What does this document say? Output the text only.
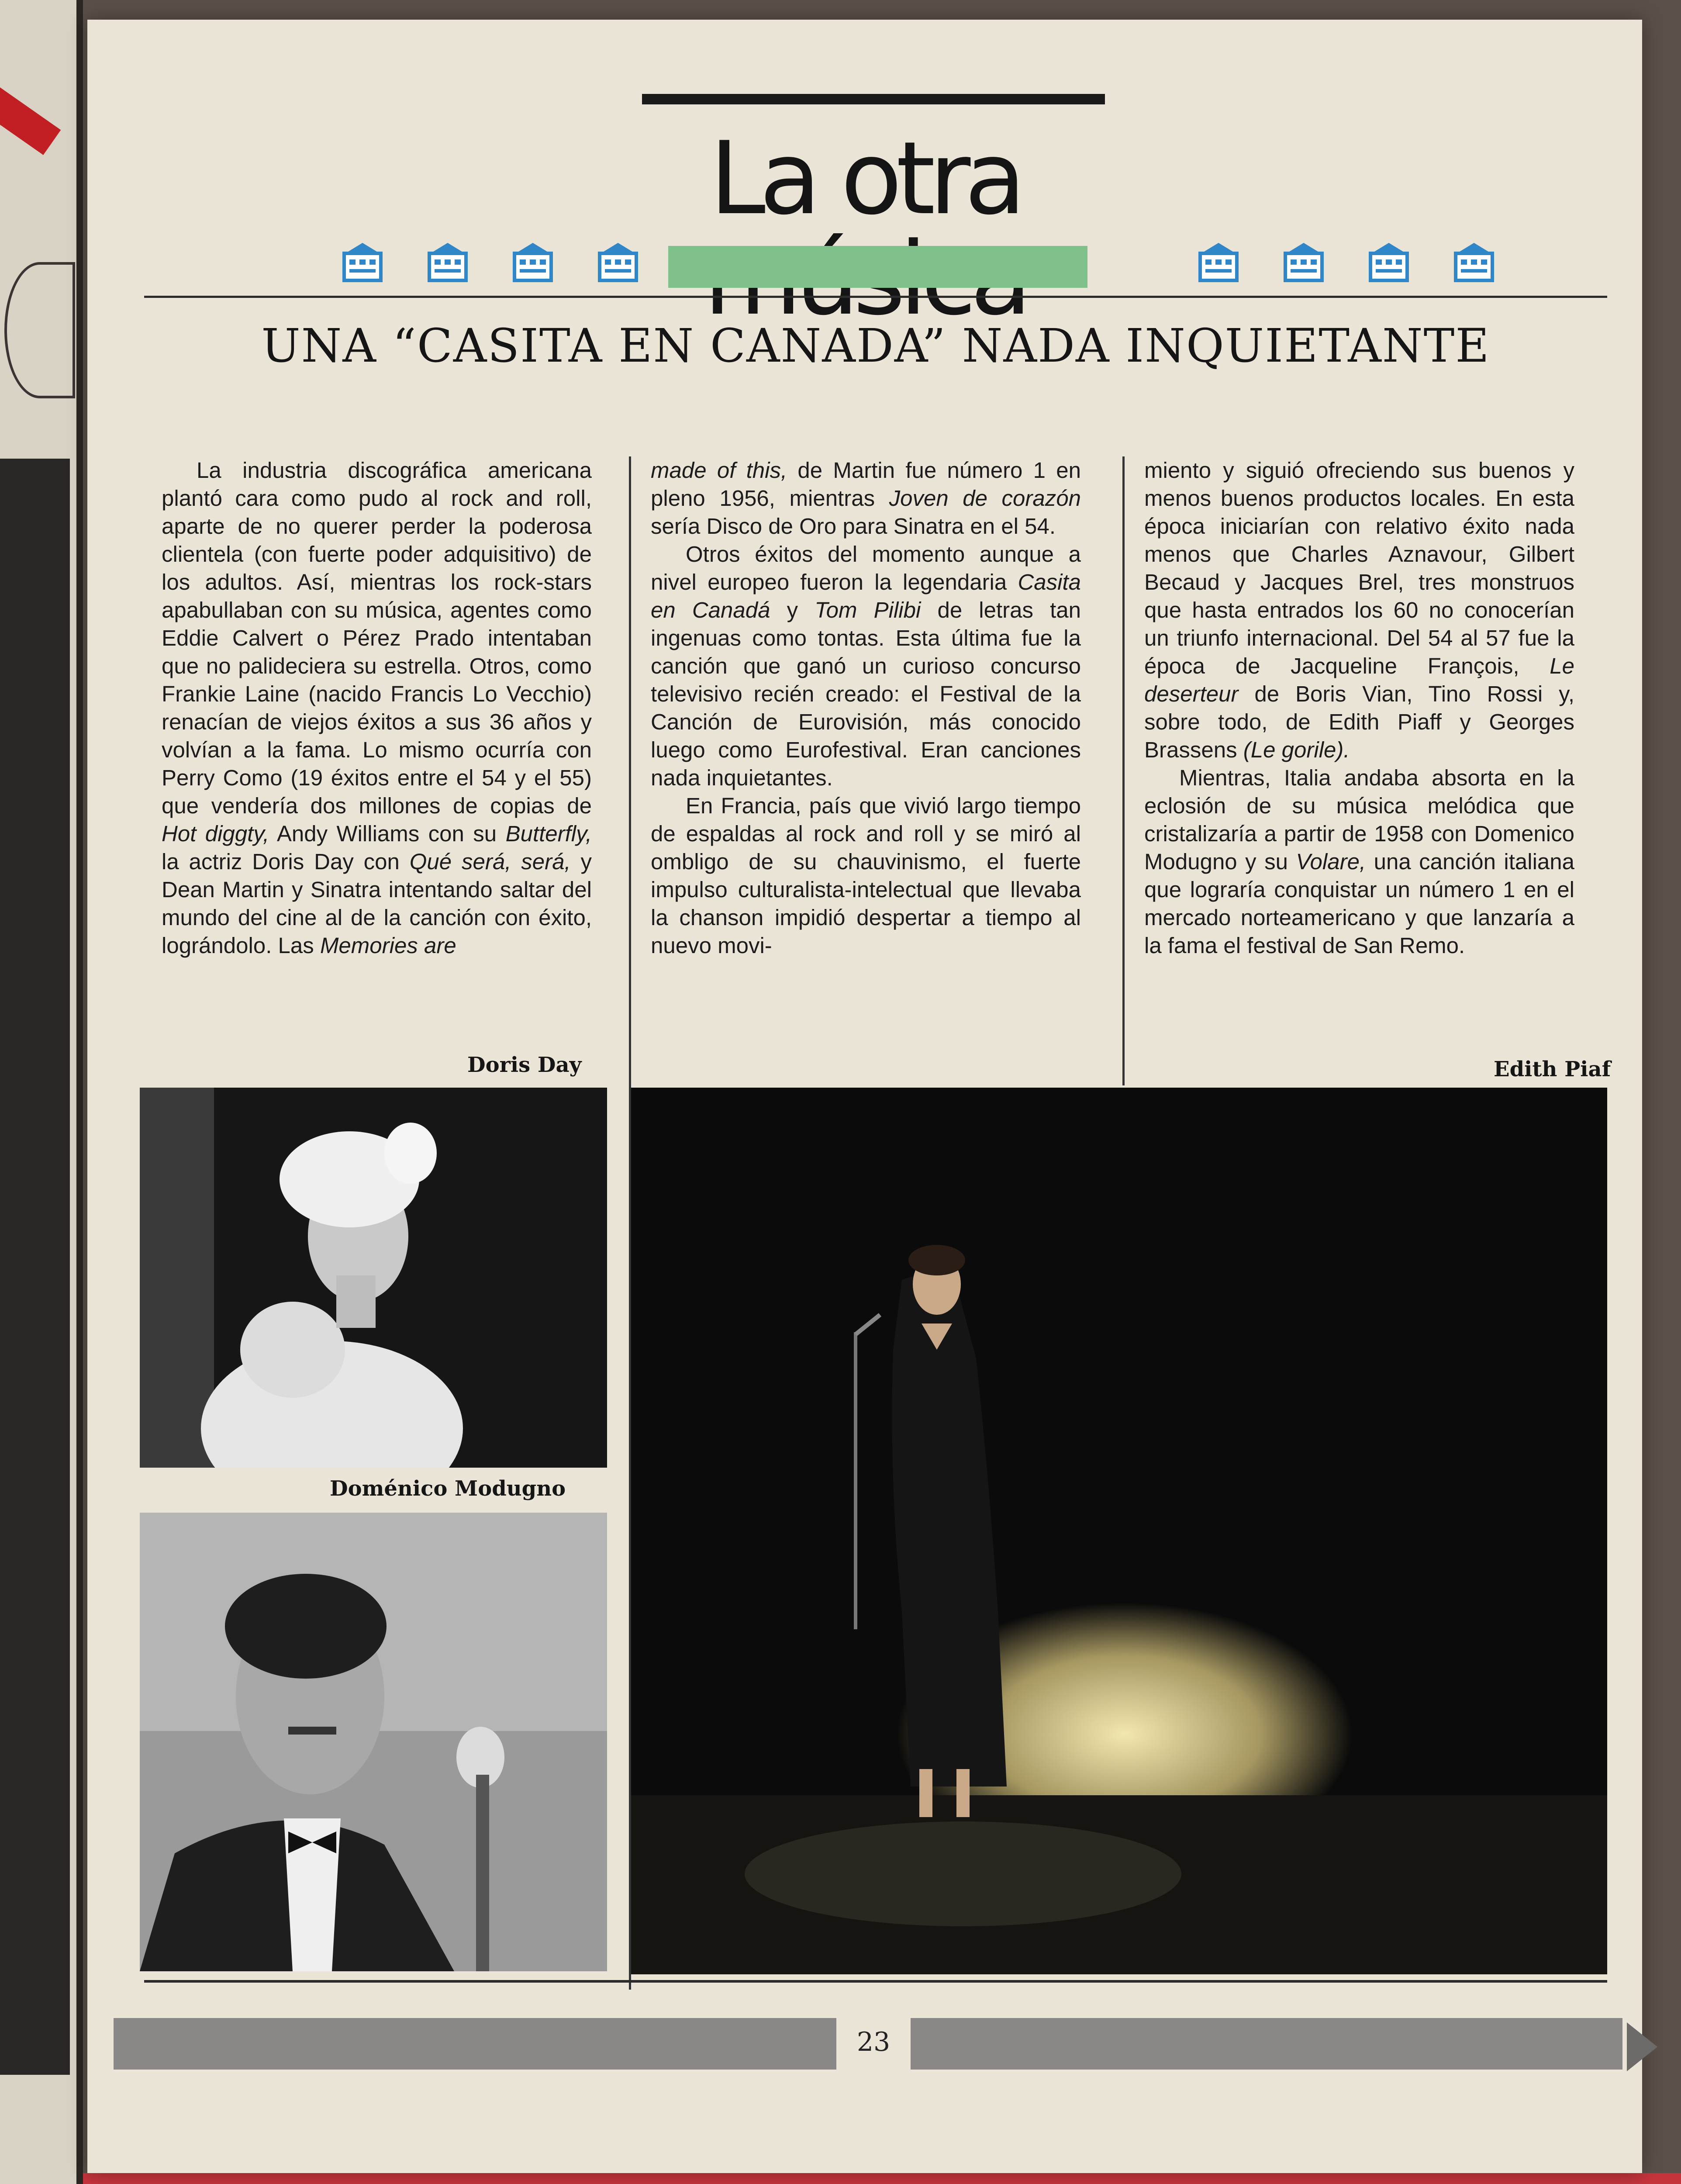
La otra
UNA “CASITA EN CANADA” NADA INQUIETANTE

La industria discográfica americana plantó cara como pudo al rock and roll, aparte de no querer perder la poderosa clientela (con fuerte poder adquisitivo) de los adultos. Así, mientras los rock-stars apabullaban con su música, agentes como Eddie Calvert o Pérez Prado intentaban que no palideciera su estrella. Otros, como Frankie Laine (nacido Francis Lo Vecchio) renacían de viejos éxitos a sus 36 años y volvían a la fama. Lo mismo ocurría con Perry Como (19 éxitos entre el 54 y el 55) que vendería dos millones de copias de Hot diggty, Andy Williams con su Butterfly, la actriz Doris Day con Qué será, será, y Dean Martin y Sinatra intentando saltar del mundo del cine al de la canción con éxito, lográndolo. Las Memories are

made of this, de Martin fue número 1 en pleno 1956, mientras Joven de corazón sería Disco de Oro para Sinatra en el 54.

Otros éxitos del momento aunque a nivel europeo fueron la legendaria Casita en Canadá y Tom Pilibi de letras tan ingenuas como tontas. Esta última fue la canción que ganó un curioso concurso televisivo recién creado: el Festival de la Canción de Eurovisión, más conocido luego como Eurofestival. Eran canciones nada inquietantes.

En Francia, país que vivió largo tiempo de espaldas al rock and roll y se miró al ombligo de su chauvinismo, el fuerte impulso culturalista-intelectual que llevaba la chanson impidió despertar a tiempo al nuevo movi-

miento y siguió ofreciendo sus buenos y menos buenos productos locales. En esta época iniciarían con relativo éxito nada menos que Charles Aznavour, Gilbert Becaud y Jacques Brel, tres monstruos que hasta entrados los 60 no conocerían un triunfo internacional. Del 54 al 57 fue la época de Jacqueline François, Le deserteur de Boris Vian, Tino Rossi y, sobre todo, de Edith Piaff y Georges Brassens (Le gorile).

Mientras, Italia andaba absorta en la eclosión de su música melódica que cristalizaría a partir de 1958 con Domenico Modugno y su Volare, una canción italiana que lograría conquistar un número 1 en el mercado norteamericano y que lanzaría a la fama el festival de San Remo.

Doris Day
Doménico Modugno
Edith Piaf
23
